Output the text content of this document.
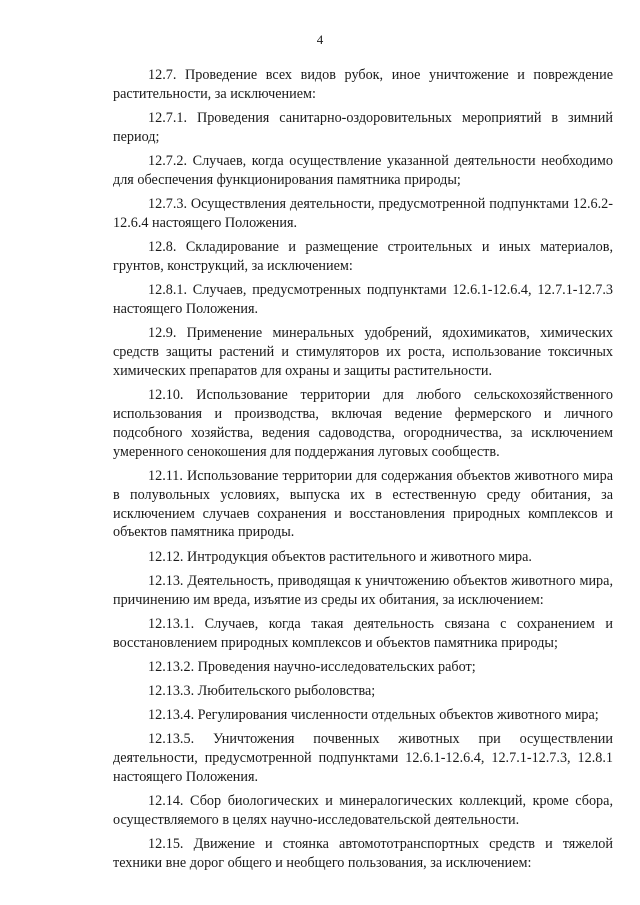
4

12.7. Проведение всех видов рубок, иное уничтожение и повреждение растительности, за исключением:

12.7.1. Проведения санитарно-оздоровительных мероприятий в зимний период;

12.7.2. Случаев, когда осуществление указанной деятельности необходимо для обеспечения функционирования памятника природы;

12.7.3. Осуществления деятельности, предусмотренной подпунктами 12.6.2-12.6.4 настоящего Положения.

12.8. Складирование и размещение строительных и иных материалов, грунтов, конструкций, за исключением:

12.8.1. Случаев, предусмотренных подпунктами 12.6.1-12.6.4, 12.7.1-12.7.3 настоящего Положения.

12.9. Применение минеральных удобрений, ядохимикатов, химических средств защиты растений и стимуляторов их роста, использование токсичных химических препаратов для охраны и защиты растительности.

12.10. Использование территории для любого сельскохозяйственного использования и производства, включая ведение фермерского и личного подсобного хозяйства, ведения садоводства, огородничества, за исключением умеренного сенокошения для поддержания луговых сообществ.

12.11. Использование территории для содержания объектов животного мира в полувольных условиях, выпуска их в естественную среду обитания, за исключением случаев сохранения и восстановления природных комплексов и объектов памятника природы.

12.12. Интродукция объектов растительного и животного мира.

12.13. Деятельность, приводящая к уничтожению объектов животного мира, причинению им вреда, изъятие из среды их обитания, за исключением:

12.13.1. Случаев, когда такая деятельность связана с сохранением и восстановлением природных комплексов и объектов памятника природы;

12.13.2. Проведения научно-исследовательских работ;

12.13.3. Любительского рыболовства;

12.13.4. Регулирования численности отдельных объектов животного мира;

12.13.5. Уничтожения почвенных животных при осуществлении деятельности, предусмотренной подпунктами 12.6.1-12.6.4, 12.7.1-12.7.3, 12.8.1 настоящего Положения.

12.14. Сбор биологических и минералогических коллекций, кроме сбора, осуществляемого в целях научно-исследовательской деятельности.

12.15. Движение и стоянка автомототранспортных средств и тяжелой техники вне дорог общего и необщего пользования, за исключением:
